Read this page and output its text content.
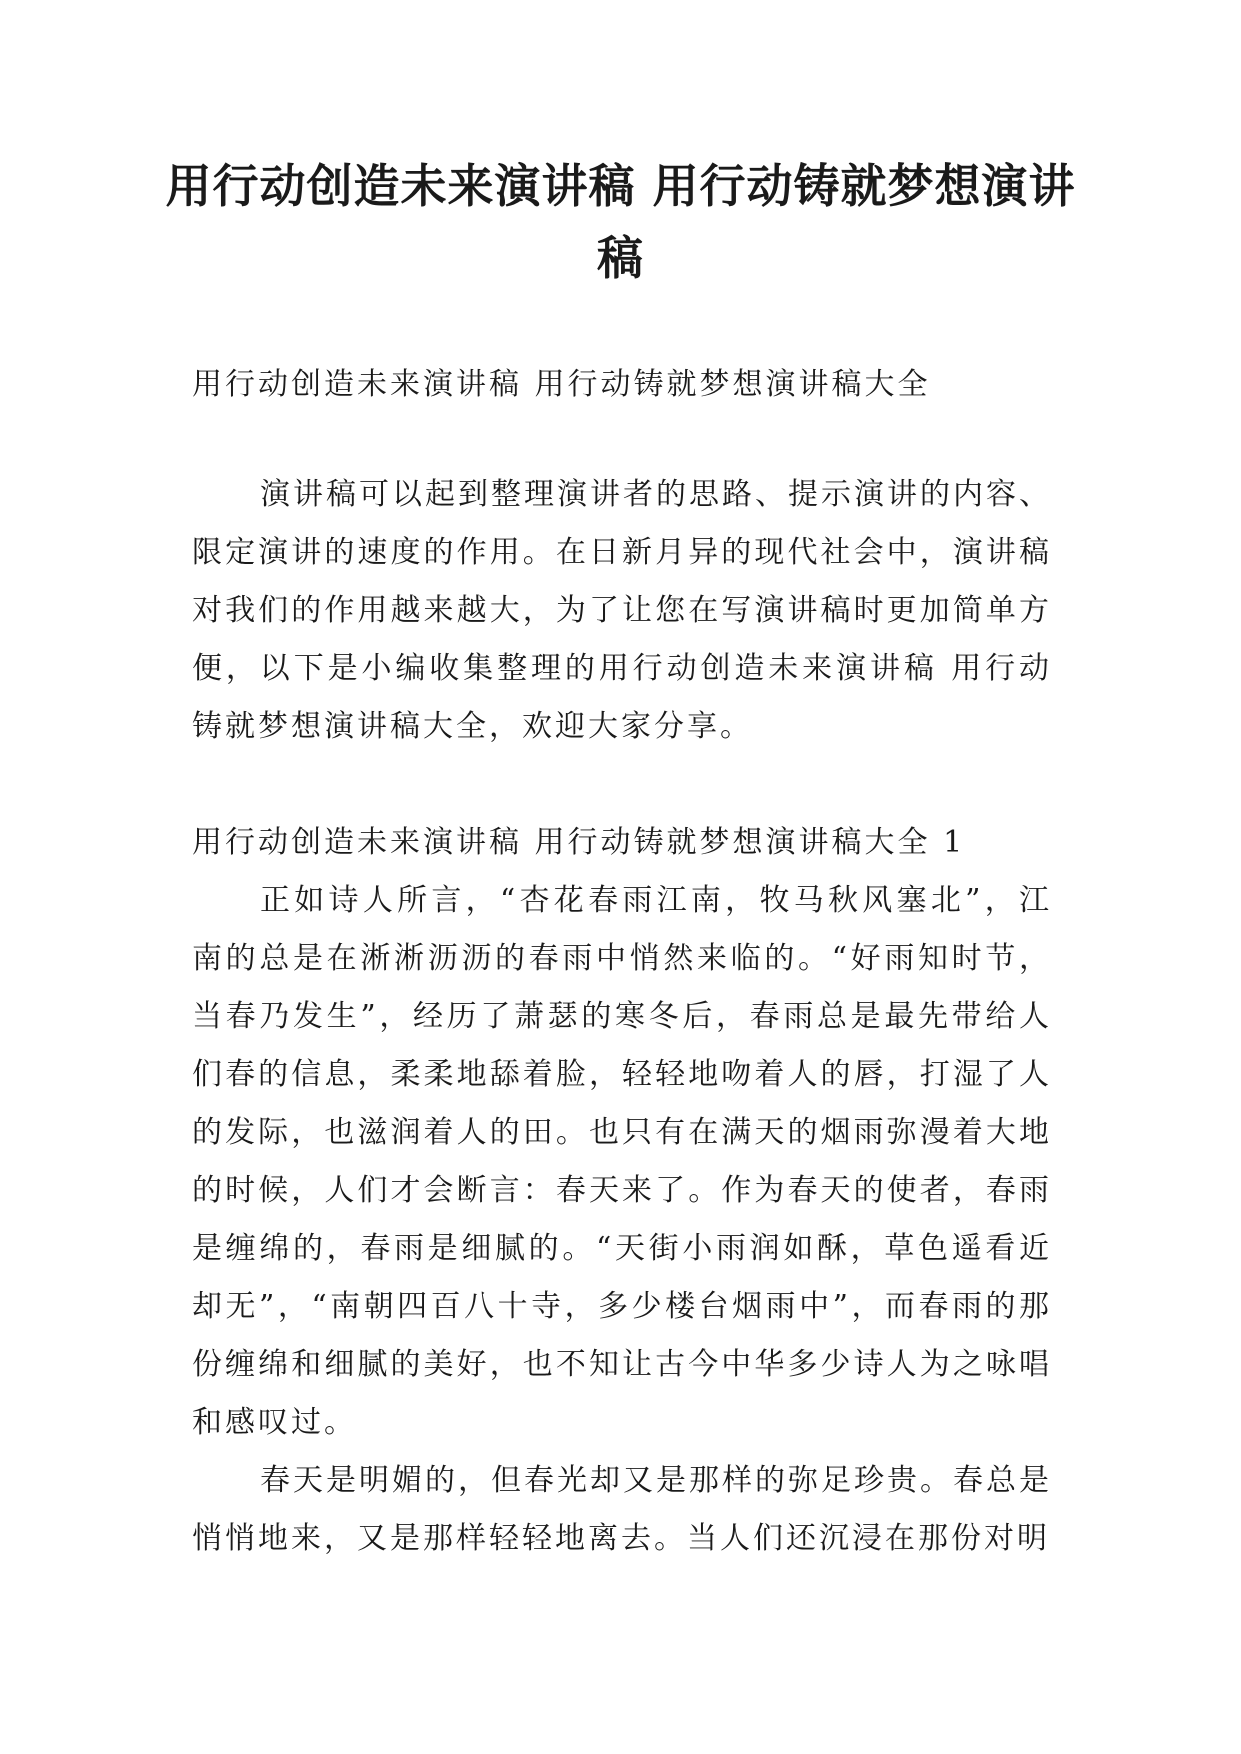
用行动创造未来演讲稿 用行动铸就梦想演讲稿

用行动创造未来演讲稿 用行动铸就梦想演讲稿大全

演讲稿可以起到整理演讲者的思路、提示演讲的内容、限定演讲的速度的作用。在日新月异的现代社会中，演讲稿对我们的作用越来越大，为了让您在写演讲稿时更加简单方便，以下是小编收集整理的用行动创造未来演讲稿 用行动铸就梦想演讲稿大全，欢迎大家分享。

用行动创造未来演讲稿 用行动铸就梦想演讲稿大全 1

正如诗人所言，“杏花春雨江南，牧马秋风塞北”，江南的总是在淅淅沥沥的春雨中悄然来临的。“好雨知时节，当春乃发生”，经历了萧瑟的寒冬后，春雨总是最先带给人们春的信息，柔柔地舔着脸，轻轻地吻着人的唇，打湿了人的发际，也滋润着人的田。也只有在满天的烟雨弥漫着大地的时候，人们才会断言：春天来了。作为春天的使者，春雨是缠绵的，春雨是细腻的。“天街小雨润如酥，草色遥看近却无”，“南朝四百八十寺，多少楼台烟雨中”，而春雨的那份缠绵和细腻的美好，也不知让古今中华多少诗人为之咏唱和感叹过。

春天是明媚的，但春光却又是那样的弥足珍贵。春总是悄悄地来，又是那样轻轻地离去。当人们还沉浸在那份对明
